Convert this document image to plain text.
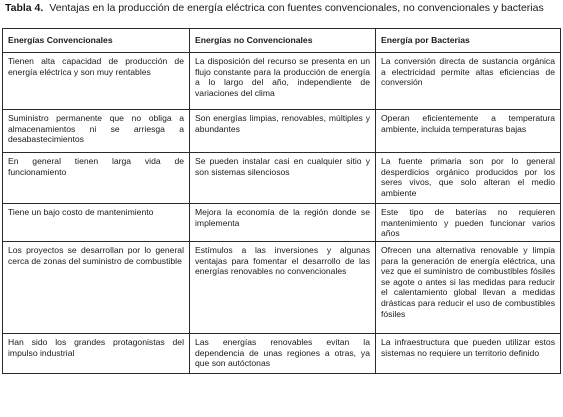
Tabla 4. Ventajas en la producción de energía eléctrica con fuentes convencionales, no convencionales y bacterias
Energías Convencionales	Energías no Convencionales	Energía por Bacterias

Tienen alta capacidad de producción de energía eléctrica y son muy rentables	La disposición del recurso se presenta en un flujo constante para la producción de energía a lo largo del año, independiente de variaciones del clima	La conversión directa de sustancia orgánica a electricidad permite altas eficiencias de conversión

Suministro permanente que no obliga a almacenamientos ni se arriesga a desabastecimientos	Son energías limpias, renovables, múltiples y abundantes	Operan eficientemente a temperatura ambiente, incluida temperaturas bajas

En general tienen larga vida de funcionamiento	Se pueden instalar casi en cualquier sitio y son sistemas silenciosos	La fuente primaria son por lo general desperdicios orgánico producidos por los seres vivos, que solo alteran el medio ambiente

Tiene un bajo costo de mantenimiento	Mejora la economía de la región donde se implementa	Este tipo de baterías no requieren mantenimiento y pueden funcionar varios años

Los proyectos se desarrollan por lo general cerca de zonas del suministro de combustible	Estímulos a las inversiones y algunas ventajas para fomentar el desarrollo de las energías renovables no convencionales	Ofrecen una alternativa renovable y limpia para la generación de energía eléctrica, una vez que el suministro de combustibles fósiles se agote o antes si las medidas para reducir el calentamiento global llevan a medidas drásticas para reducir el uso de combustibles fósiles

Han sido los grandes protagonistas del impulso industrial	Las energías renovables evitan la dependencia de unas regiones a otras, ya que son autóctonas	La infraestructura que pueden utilizar estos sistemas no requiere un territorio definido
